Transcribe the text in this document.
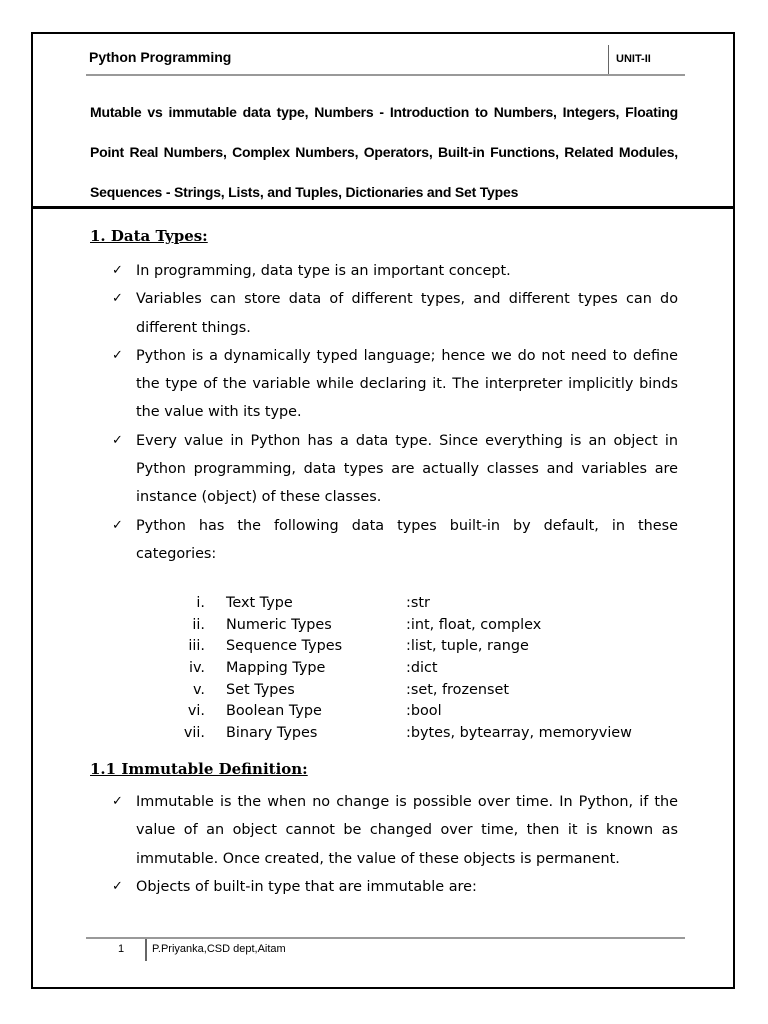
Python Programming	UNIT-II
Mutable vs immutable data type, Numbers - Introduction to Numbers, Integers, Floating Point Real Numbers, Complex Numbers, Operators, Built-in Functions, Related Modules, Sequences - Strings, Lists, and Tuples, Dictionaries and Set Types
1. Data Types:
✓ In programming, data type is an important concept.
✓ Variables can store data of different types, and different types can do different things.
✓ Python is a dynamically typed language; hence we do not need to define the type of the variable while declaring it. The interpreter implicitly binds the value with its type.
✓ Every value in Python has a data type. Since everything is an object in Python programming, data types are actually classes and variables are instance (object) of these classes.
✓ Python has the following data types built-in by default, in these categories:
i. Text Type	:str
ii. Numeric Types	:int, float, complex
iii. Sequence Types	:list, tuple, range
iv. Mapping Type	:dict
v. Set Types	:set, frozenset
vi. Boolean Type	:bool
vii. Binary Types	:bytes, bytearray, memoryview
1.1 Immutable Definition:
✓ Immutable is the when no change is possible over time. In Python, if the value of an object cannot be changed over time, then it is known as immutable. Once created, the value of these objects is permanent.
✓ Objects of built-in type that are immutable are:
1	P.Priyanka,CSD dept,Aitam
